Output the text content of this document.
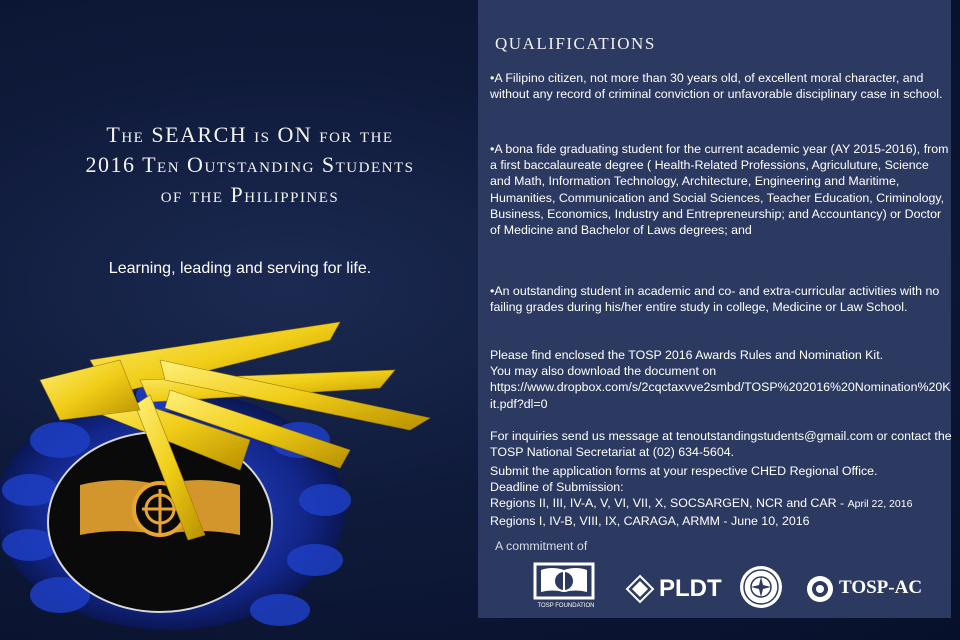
The SEARCH is ON for the
2016 Ten Outstanding Students
of the Philippines
Learning, leading and serving for life.
QUALIFICATIONS
•A Filipino citizen, not more than 30 years old, of excellent moral character, and without any record of criminal conviction or unfavorable disciplinary case in school.
•A bona fide graduating student for the current academic year (AY 2015-2016), from a first baccalaureate degree ( Health-Related Professions, Agriculuture, Science and Math, Information Technology, Architecture, Engineering and Maritime, Humanities, Communication and Social Sciences, Teacher Education, Criminology, Business, Economics, Industry and Entrepreneurship; and Accountancy) or Doctor of Medicine and Bachelor of Laws degrees; and
•An outstanding student in academic and co- and extra-curricular activities with no failing grades during his/her entire study in college, Medicine or Law School.
Please find enclosed the TOSP 2016 Awards Rules and Nomination Kit.
You may also download the document on
https://www.dropbox.com/s/2cqctaxvve2smbd/TOSP%202016%20Nomination%20Kit.pdf?dl=0
For inquiries send us message at tenoutstandingstudents@gmail.com or contact the TOSP National Secretariat at (02) 634-5604.
Submit the application forms at your respective CHED Regional Office.
Deadline of Submission:
Regions II, III, IV-A, V, VI, VII, X, SOCSARGEN, NCR and CAR - April 22, 2016
Regions I, IV-B, VIII, IX, CARAGA, ARMM - June 10, 2016
A commitment of
TOSP FOUNDATION
PLDT	TOSP-AC
